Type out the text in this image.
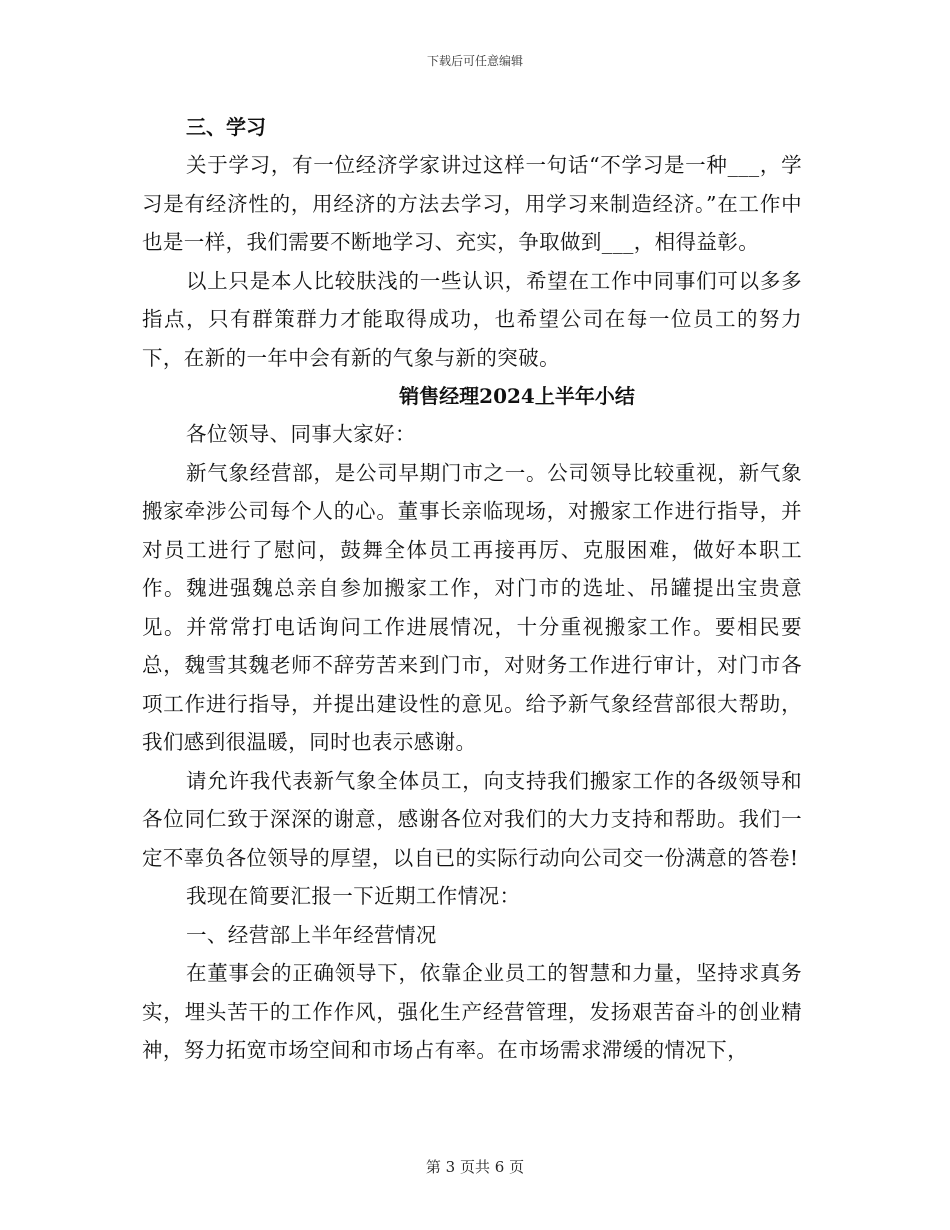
下载后可任意编辑
三、学习

关于学习，有一位经济学家讲过这样一句话“不学习是一种___，学习是有经济性的，用经济的方法去学习，用学习来制造经济。”在工作中也是一样，我们需要不断地学习、充实，争取做到___，相得益彰。

以上只是本人比较肤浅的一些认识，希望在工作中同事们可以多多指点，只有群策群力才能取得成功，也希望公司在每一位员工的努力下，在新的一年中会有新的气象与新的突破。

销售经理2024上半年小结

各位领导、同事大家好：

新气象经营部，是公司早期门市之一。公司领导比较重视，新气象搬家牵涉公司每个人的心。董事长亲临现场，对搬家工作进行指导，并对员工进行了慰问，鼓舞全体员工再接再厉、克服困难，做好本职工作。魏进强魏总亲自参加搬家工作，对门市的选址、吊罐提出宝贵意见。并常常打电话询问工作进展情况，十分重视搬家工作。要相民要总，魏雪其魏老师不辞劳苦来到门市，对财务工作进行审计，对门市各项工作进行指导，并提出建设性的意见。给予新气象经营部很大帮助，我们感到很温暖，同时也表示感谢。

请允许我代表新气象全体员工，向支持我们搬家工作的各级领导和各位同仁致于深深的谢意，感谢各位对我们的大力支持和帮助。我们一定不辜负各位领导的厚望，以自已的实际行动向公司交一份满意的答卷!

我现在简要汇报一下近期工作情况：

一、经营部上半年经营情况

在董事会的正确领导下，依靠企业员工的智慧和力量，坚持求真务实，埋头苦干的工作作风，强化生产经营管理，发扬艰苦奋斗的创业精神，努力拓宽市场空间和市场占有率。在市场需求滞缓的情况下，

第 3 页共 6 页
